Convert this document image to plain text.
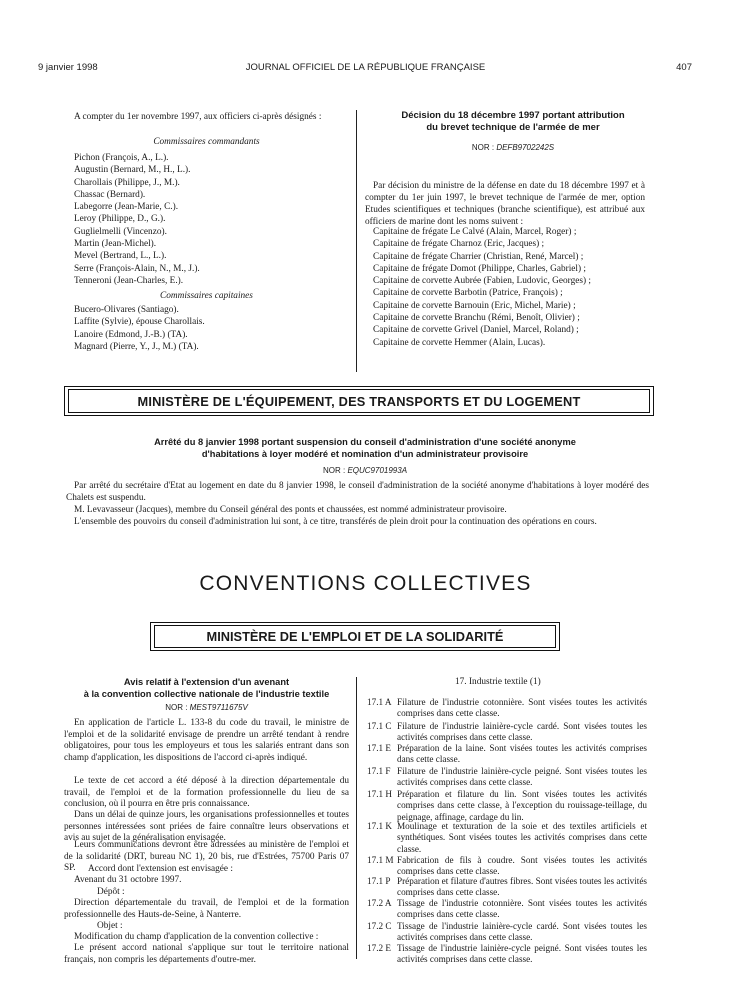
9 janvier 1998	JOURNAL OFFICIEL DE LA RÉPUBLIQUE FRANÇAISE	407
A compter du 1er novembre 1997, aux officiers ci-après désignés :
Commissaires commandants
Pichon (François, A., L.).
Augustin (Bernard, M., H., L.).
Charollais (Philippe, J., M.).
Chassac (Bernard).
Labegorre (Jean-Marie, C.).
Leroy (Philippe, D., G.).
Guglielmelli (Vincenzo).
Martin (Jean-Michel).
Mevel (Bertrand, L., L.).
Serre (François-Alain, N., M., J.).
Tenneroni (Jean-Charles, E.).
Commissaires capitaines
Bucero-Olivares (Santiago).
Laffite (Sylvie), épouse Charollais.
Lanoire (Edmond, J.-B.) (TA).
Magnard (Pierre, Y., J., M.) (TA).
Décision du 18 décembre 1997 portant attribution
du brevet technique de l'armée de mer
NOR : DEFB9702242S
Par décision du ministre de la défense en date du 18 décembre 1997 et à compter du 1er juin 1997, le brevet technique de l'armée de mer, option Etudes scientifiques et techniques (branche scientifique), est attribué aux officiers de marine dont les noms suivent :
Capitaine de frégate Le Calvé (Alain, Marcel, Roger) ;
Capitaine de frégate Charnoz (Eric, Jacques) ;
Capitaine de frégate Charrier (Christian, René, Marcel) ;
Capitaine de frégate Domot (Philippe, Charles, Gabriel) ;
Capitaine de corvette Aubrée (Fabien, Ludovic, Georges) ;
Capitaine de corvette Barbotin (Patrice, François) ;
Capitaine de corvette Barnouin (Eric, Michel, Marie) ;
Capitaine de corvette Branchu (Rémi, Benoît, Olivier) ;
Capitaine de corvette Grivel (Daniel, Marcel, Roland) ;
Capitaine de corvette Hemmer (Alain, Lucas).
MINISTÈRE DE L'ÉQUIPEMENT, DES TRANSPORTS ET DU LOGEMENT
Arrêté du 8 janvier 1998 portant suspension du conseil d'administration d'une société anonyme
d'habitations à loyer modéré et nomination d'un administrateur provisoire
NOR : EQUC9701993A
Par arrêté du secrétaire d'Etat au logement en date du 8 janvier 1998, le conseil d'administration de la société anonyme d'habitations à loyer modéré des Chalets est suspendu.
M. Levavasseur (Jacques), membre du Conseil général des ponts et chaussées, est nommé administrateur provisoire.
L'ensemble des pouvoirs du conseil d'administration lui sont, à ce titre, transférés de plein droit pour la continuation des opérations en cours.
CONVENTIONS COLLECTIVES
MINISTÈRE DE L'EMPLOI ET DE LA SOLIDARITÉ
Avis relatif à l'extension d'un avenant
à la convention collective nationale de l'industrie textile
NOR : MEST9711675V
En application de l'article L. 133-8 du code du travail, le ministre de l'emploi et de la solidarité envisage de prendre un arrêté tendant à rendre obligatoires, pour tous les employeurs et tous les salariés entrant dans son champ d'application, les dispositions de l'accord ci-après indiqué.
Le texte de cet accord a été déposé à la direction départementale du travail, de l'emploi et de la formation professionnelle du lieu de sa conclusion, où il pourra en être pris connaissance.
Dans un délai de quinze jours, les organisations professionnelles et toutes personnes intéressées sont priées de faire connaître leurs observations et avis au sujet de la généralisation envisagée.
Leurs communications devront être adressées au ministère de l'emploi et de la solidarité (DRT, bureau NC 1), 20 bis, rue d'Estrées, 75700 Paris 07 SP.	Accord dont l'extension est envisagée :
Avenant du 31 octobre 1997.
Dépôt :
Direction départementale du travail, de l'emploi et de la formation professionnelle des Hauts-de-Seine, à Nanterre.
Objet :
Modification du champ d'application de la convention collective :
Le présent accord national s'applique sur tout le territoire national français, non compris les départements d'outre-mer.
17. Industrie textile (1)
17.1 A Filature de l'industrie cotonnière. Sont visées toutes les activités comprises dans cette classe.
17.1 C Filature de l'industrie lainière-cycle cardé. Sont visées toutes les activités comprises dans cette classe.
17.1 E Préparation de la laine. Sont visées toutes les activités comprises dans cette classe.
17.1 F Filature de l'industrie lainière-cycle peigné. Sont visées toutes les activités comprises dans cette classe.
17.1 H Préparation et filature du lin. Sont visées toutes les activités comprises dans cette classe, à l'exception du rouissage-teillage, du peignage, affinage, cardage du lin.
17.1 K Moulinage et texturation de la soie et des textiles artificiels et synthétiques. Sont visées toutes les activités comprises dans cette classe.
17.1 M Fabrication de fils à coudre. Sont visées toutes les activités comprises dans cette classe.
17.1 P Préparation et filature d'autres fibres. Sont visées toutes les activités comprises dans cette classe.
17.2 A Tissage de l'industrie cotonnière. Sont visées toutes les activités comprises dans cette classe.
17.2 C Tissage de l'industrie lainière-cycle cardé. Sont visées toutes les activités comprises dans cette classe.
17.2 E Tissage de l'industrie lainière-cycle peigné. Sont visées toutes les activités comprises dans cette classe.
